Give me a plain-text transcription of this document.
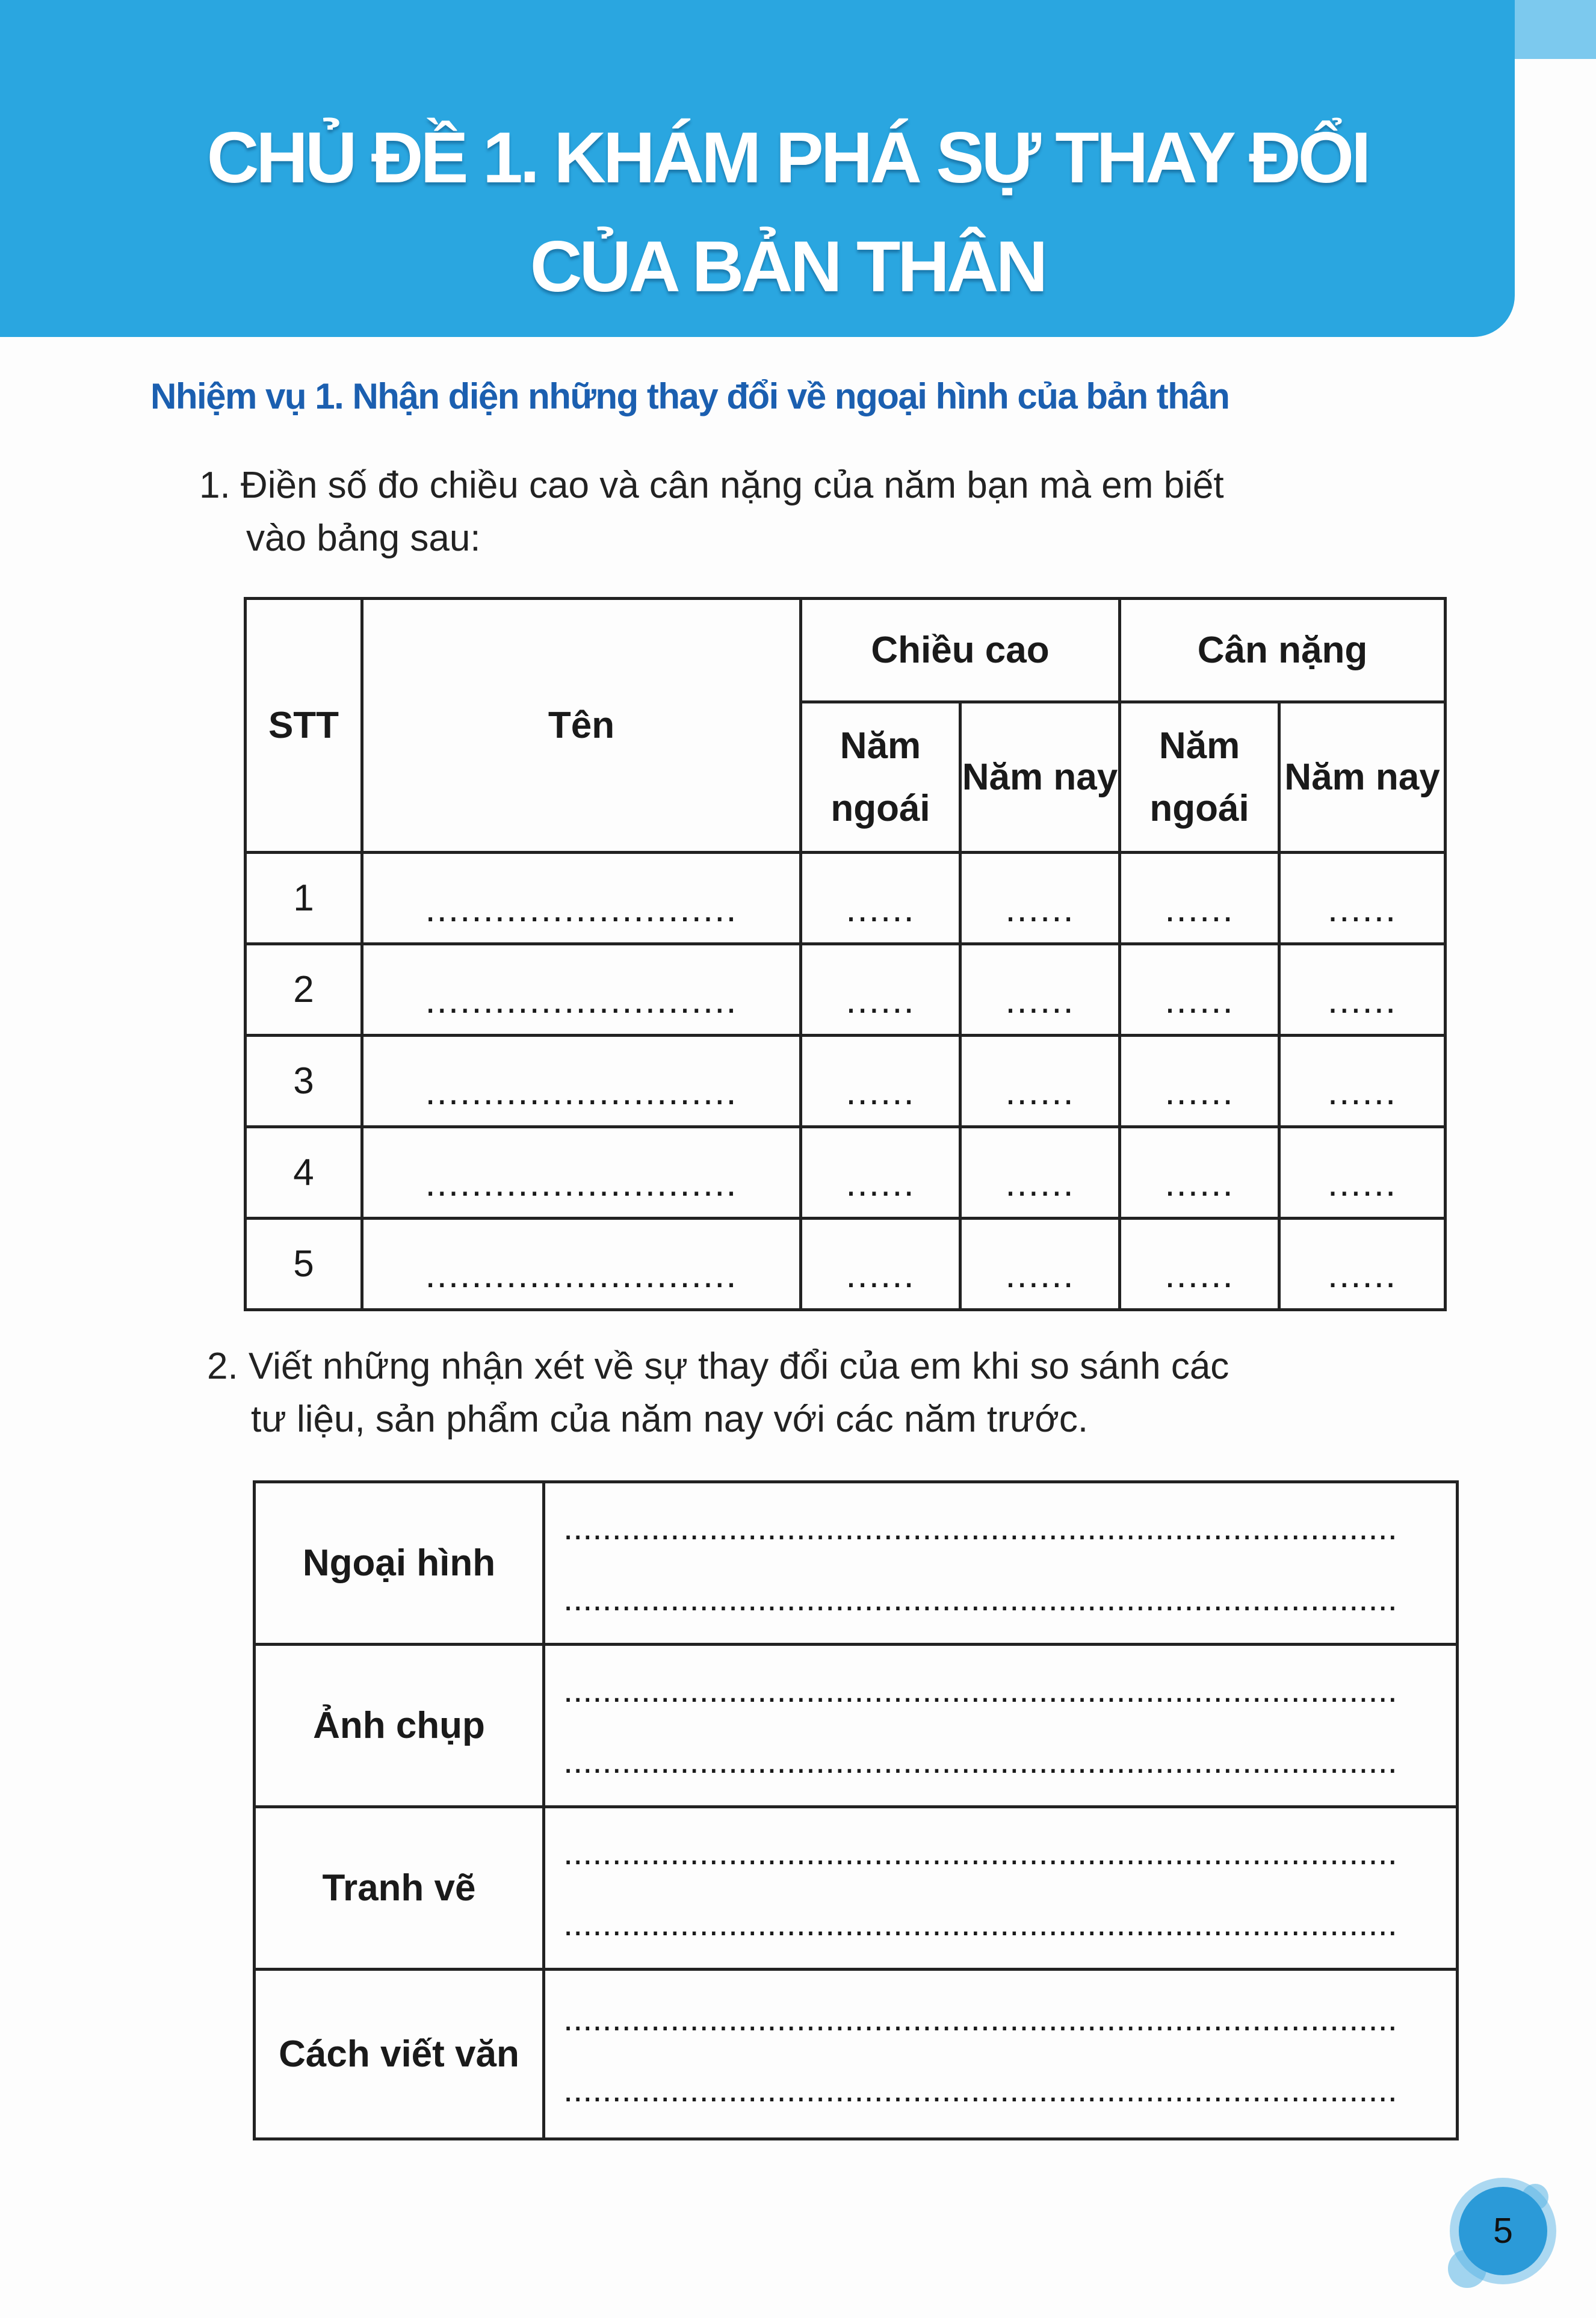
CHỦ ĐỀ 1. KHÁM PHÁ SỰ THAY ĐỔI
CỦA BẢN THÂN
Nhiệm vụ 1. Nhận diện những thay đổi về ngoại hình của bản thân
1. Điền số đo chiều cao và cân nặng của năm bạn mà em biết
vào bảng sau:
STT	Tên	Chiều cao		Cân nặng	
		Năm ngoái	Năm nay	Năm ngoái	Năm nay
1	...........................	......	......	......	......
2	...........................	......	......	......	......
3	...........................	......	......	......	......
4	...........................	......	......	......	......
5	...........................	......	......	......	......
2. Viết những nhận xét về sự thay đổi của em khi so sánh các
tư liệu, sản phẩm của năm nay với các năm trước.
Ngoại hình	......................................................................................
......................................................................................

Ảnh chụp	......................................................................................
......................................................................................

Tranh vẽ	......................................................................................
......................................................................................

Cách viết văn	......................................................................................
......................................................................................
5
